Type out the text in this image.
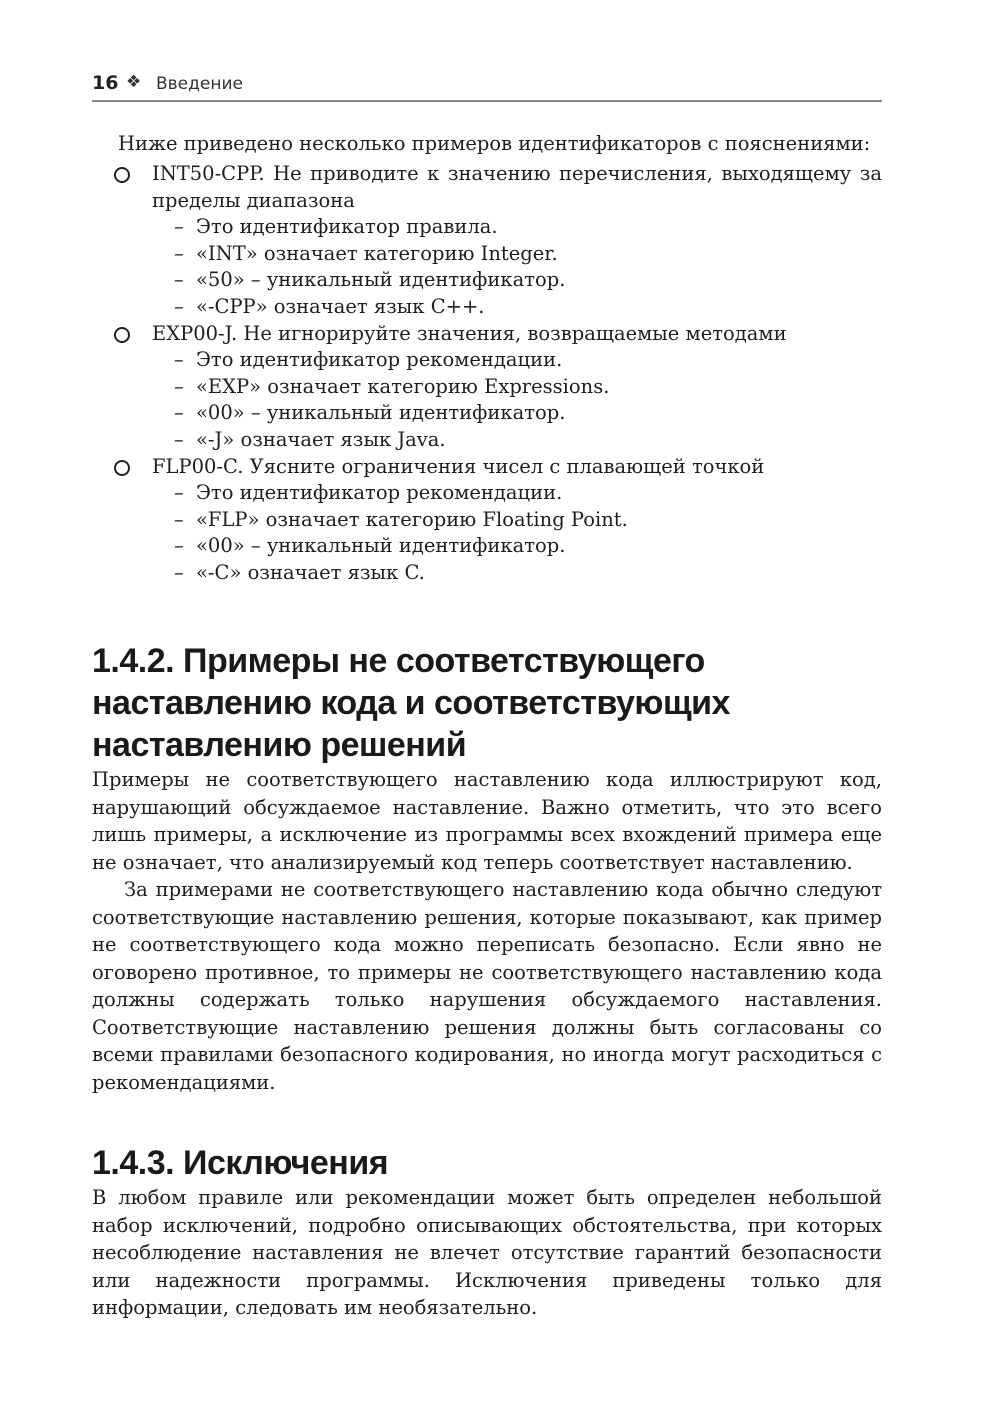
16 ❖ Введение

Ниже приведено несколько примеров идентификаторов с пояснениями:

INT50-CPP. Не приводите к значению перечисления, выходящему за пределы диапазона
– Это идентификатор правила.
– «INT» означает категорию Integer.
– «50» – уникальный идентификатор.
– «-CPP» означает язык C++.
EXP00-J. Не игнорируйте значения, возвращаемые методами
– Это идентификатор рекомендации.
– «EXP» означает категорию Expressions.
– «00» – уникальный идентификатор.
– «-J» означает язык Java.
FLP00-C. Уясните ограничения чисел с плавающей точкой
– Это идентификатор рекомендации.
– «FLP» означает категорию Floating Point.
– «00» – уникальный идентификатор.
– «-C» означает язык C.
1.4.2. Примеры не соответствующего наставлению кода и соответствующих наставлению решений

Примеры не соответствующего наставлению кода иллюстрируют код, нарушающий обсуждаемое наставление. Важно отметить, что это всего лишь примеры, а исключение из программы всех вхождений примера еще не означает, что анализируемый код теперь соответствует наставлению.

За примерами не соответствующего наставлению кода обычно следуют соответствующие наставлению решения, которые показывают, как пример не соответствующего кода можно переписать безопасно. Если явно не оговорено противное, то примеры не соответствующего наставлению кода должны содержать только нарушения обсуждаемого наставления. Соответствующие наставлению решения должны быть согласованы со всеми правилами безопасного кодирования, но иногда могут расходиться с рекомендациями.

1.4.3. Исключения

В любом правиле или рекомендации может быть определен небольшой набор исключений, подробно описывающих обстоятельства, при которых несоблюдение наставления не влечет отсутствие гарантий безопасности или надежности программы. Исключения приведены только для информации, следовать им необязательно.
